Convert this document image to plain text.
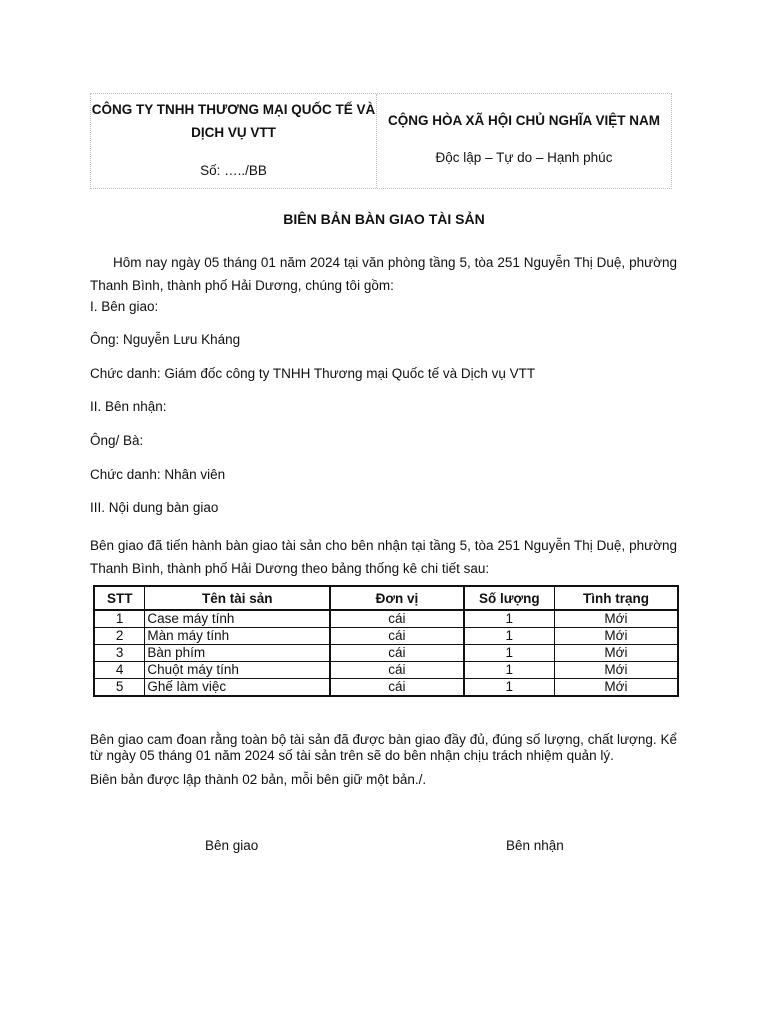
CÔNG TY TNHH THƯƠNG MẠI QUỐC TẾ VÀ
DỊCH VỤ VTT
Số: …../BB
CỘNG HÒA XÃ HỘI CHỦ NGHĨA VIỆT NAM
Độc lập – Tự do – Hạnh phúc
BIÊN BẢN BÀN GIAO TÀI SẢN
Hôm nay ngày 05 tháng 01 năm 2024 tại văn phòng tầng 5, tòa 251 Nguyễn Thị Duệ, phường Thanh Bình, thành phố Hải Dương, chúng tôi gồm:
I. Bên giao:
Ông: Nguyễn Lưu Kháng
Chức danh: Giám đốc công ty TNHH Thương mại Quốc tế và Dịch vụ VTT
II. Bên nhận:
Ông/ Bà:
Chức danh: Nhân viên
III. Nội dung bàn giao
Bên giao đã tiến hành bàn giao tài sản cho bên nhận tại tầng 5, tòa 251 Nguyễn Thị Duệ, phường Thanh Bình, thành phố Hải Dương theo bảng thống kê chi tiết sau:
STT	Tên tài sản	Đơn vị	Số lượng	Tình trạng
1	Case máy tính	cái	1	Mới
2	Màn máy tính	cái	1	Mới
3	Bàn phím	cái	1	Mới
4	Chuột máy tính	cái	1	Mới
5	Ghế làm việc	cái	1	Mới
Bên giao cam đoan rằng toàn bộ tài sản đã được bàn giao đầy đủ, đúng số lượng, chất lượng. Kể từ ngày 05 tháng 01 năm 2024 số tài sản trên sẽ do bên nhận chịu trách nhiệm quản lý.
Biên bản được lập thành 02 bản, mỗi bên giữ một bản./.
Bên giao	Bên nhận
